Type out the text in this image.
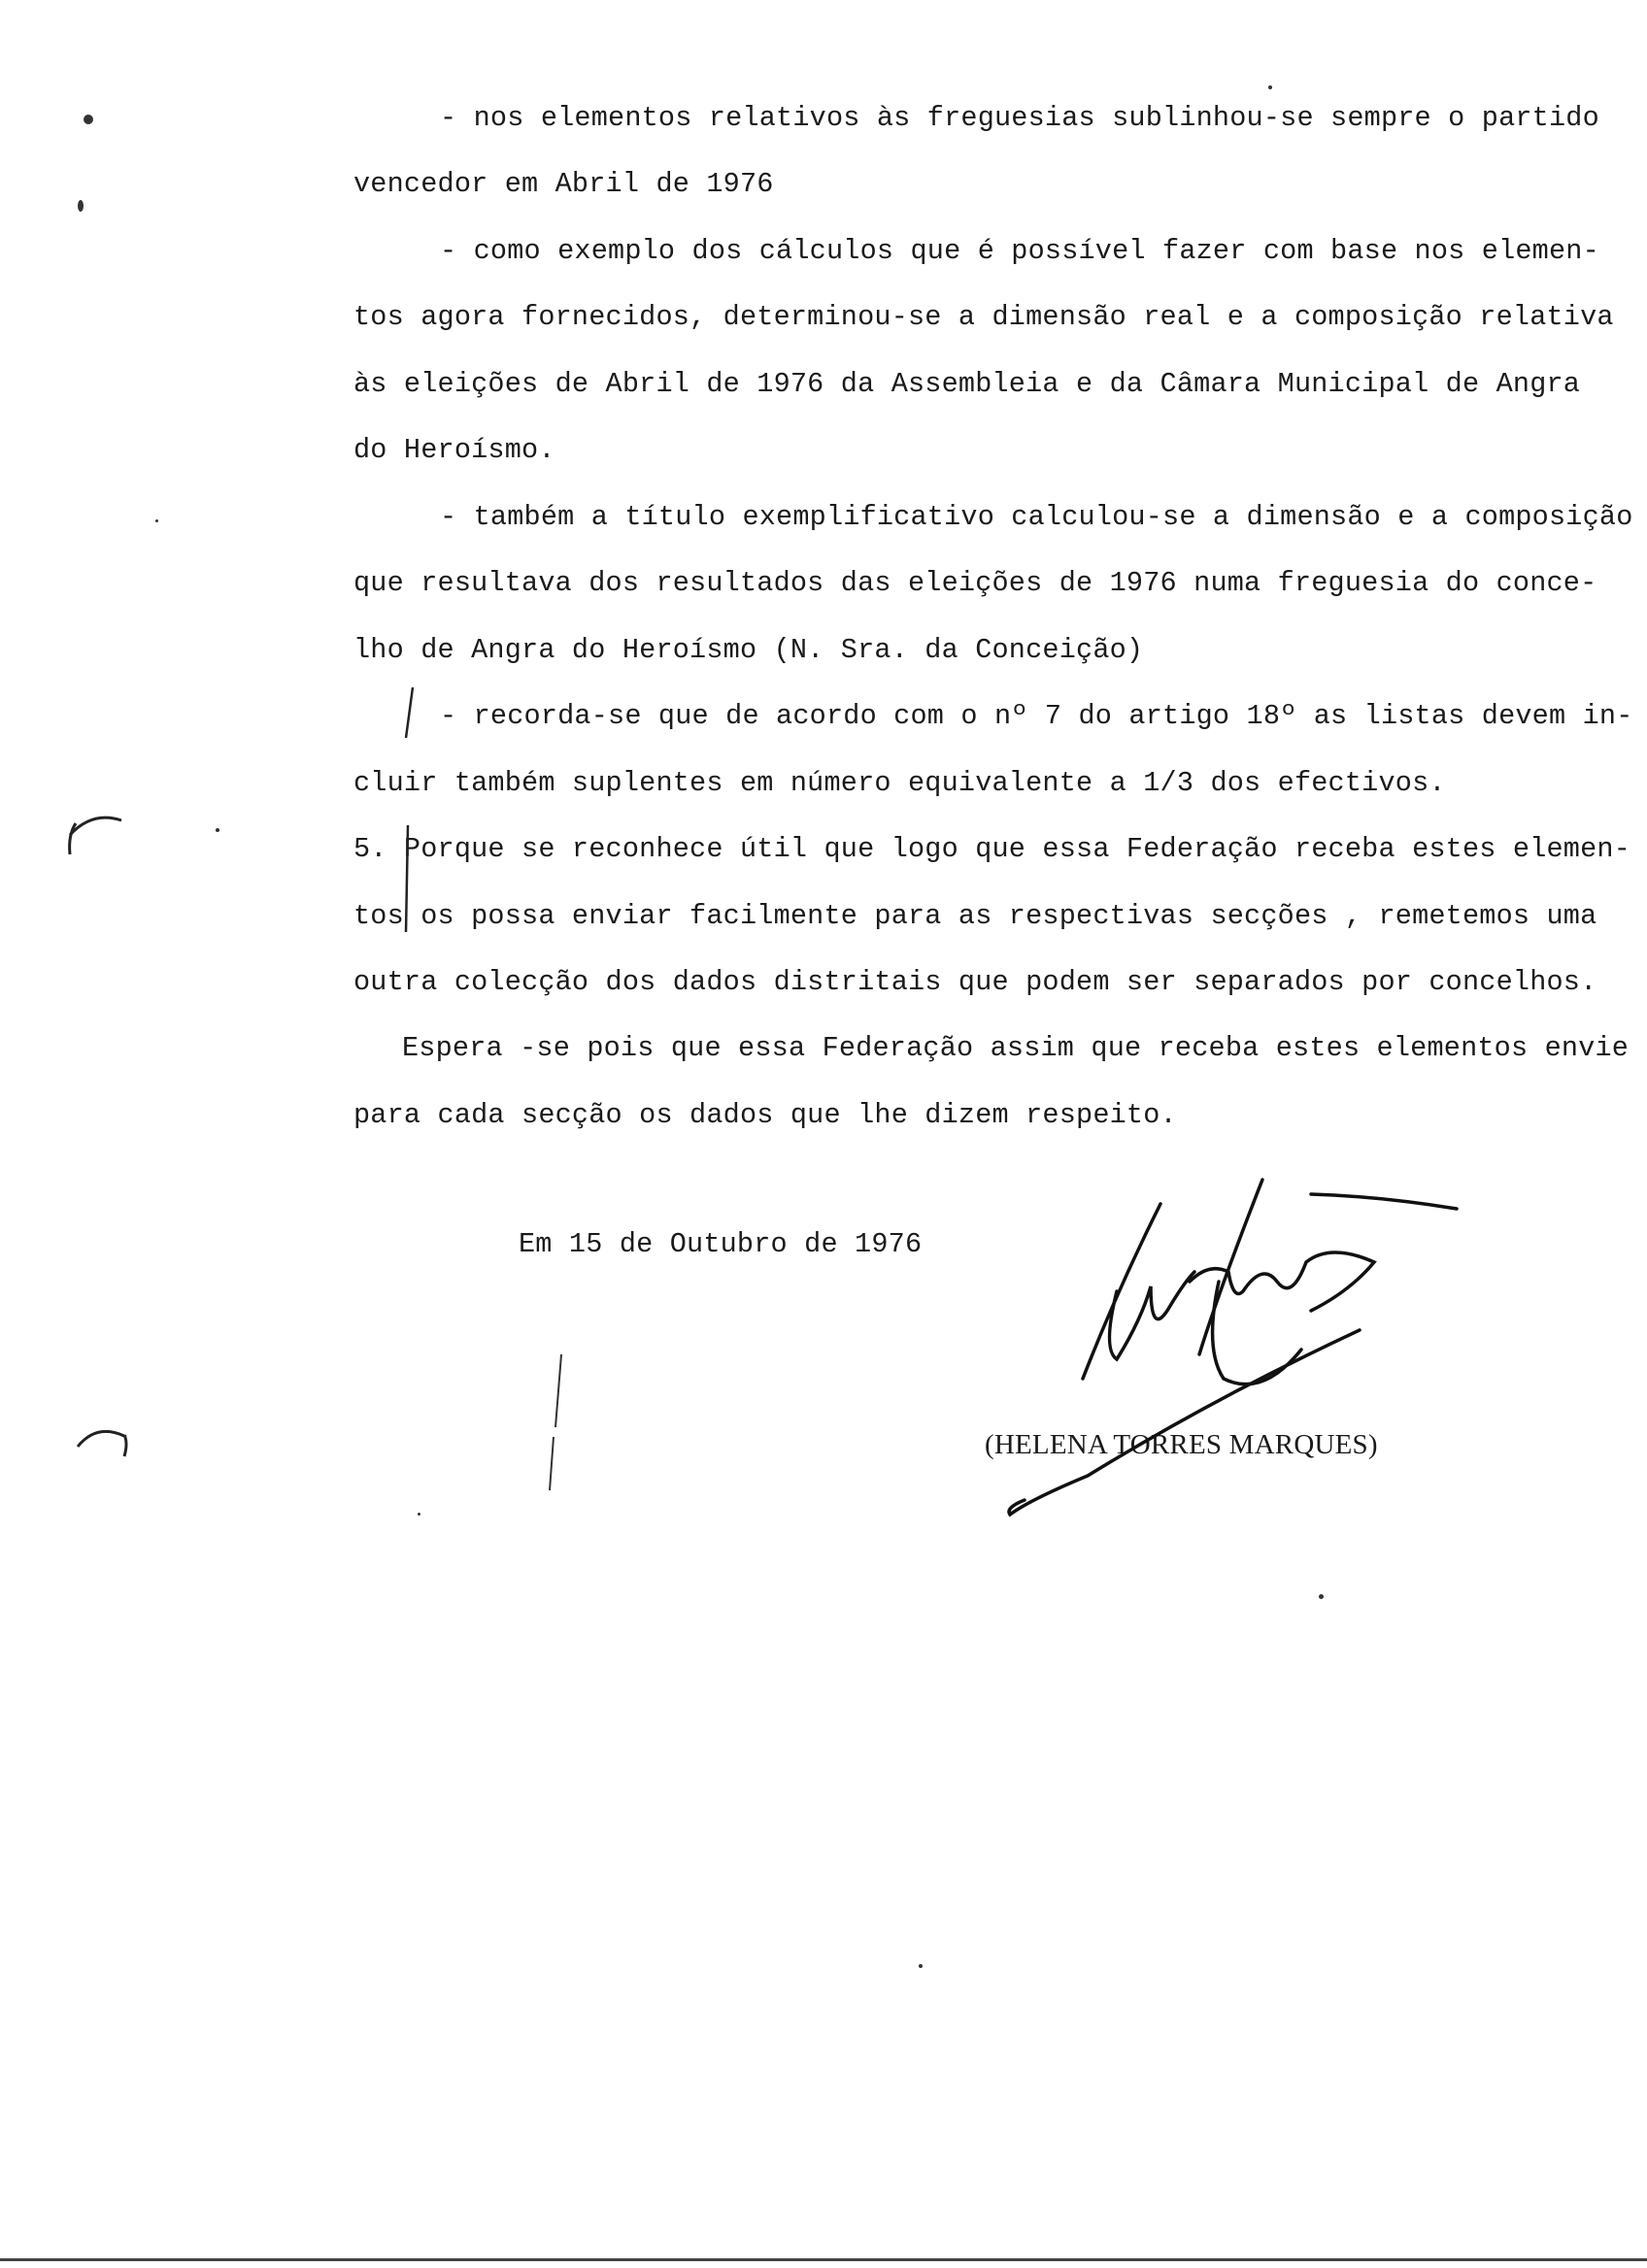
- nos elementos relativos às freguesias sublinhou-se sempre o partido
vencedor em Abril de 1976
- como exemplo dos cálculos que é possível fazer com base nos elemen-
tos agora fornecidos, determinou-se a dimensão real e a composição relativa
às eleições de Abril de 1976 da Assembleia e da Câmara Municipal de Angra
do Heroísmo.
- também a título exemplificativo calculou-se a dimensão e a composição
que resultava dos resultados das eleições de 1976 numa freguesia do conce-
lho de Angra do Heroísmo (N. Sra. da Conceição)
- recorda-se que de acordo com o nº 7 do artigo 18º as listas devem in-
cluir também suplentes em número equivalente a 1/3 dos efectivos.
5. Porque se reconhece útil que logo que essa Federação receba estes elemen-
tos os possa enviar facilmente para as respectivas secções , remetemos uma
outra colecção dos dados distritais que podem ser separados por concelhos.
Espera -se pois que essa Federação assim que receba estes elementos envie
para cada secção os dados que lhe dizem respeito.
Em 15 de Outubro de 1976
(HELENA TORRES MARQUES)
